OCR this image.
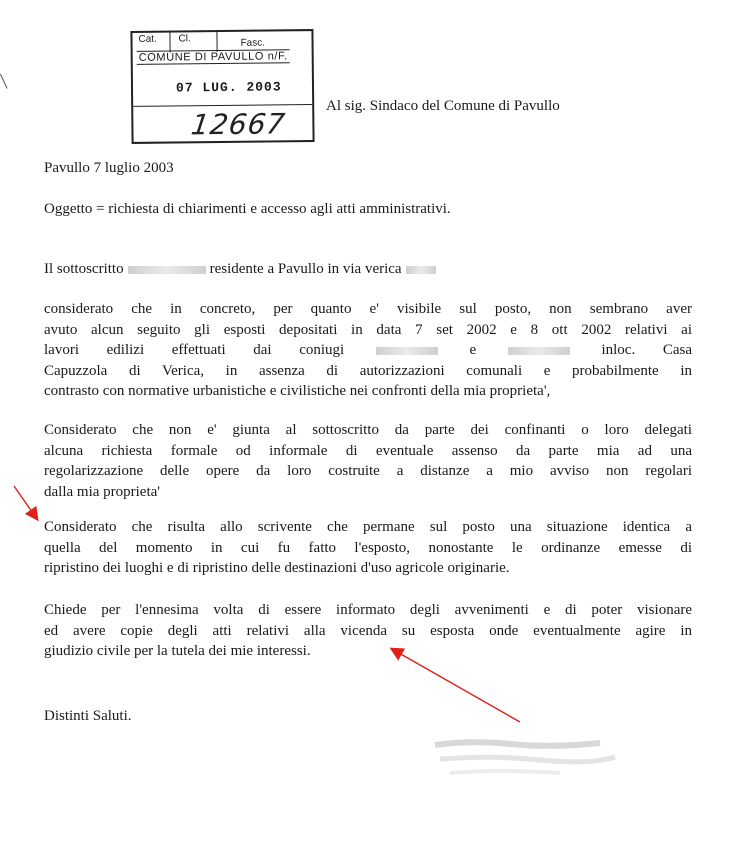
Cat. Cl.	Fasc.
COMUNE DI PAVULLO n/F.
07 LUG. 2003
12667
Al sig. Sindaco del Comune di Pavullo
Pavullo 7 luglio 2003
Oggetto = richiesta di chiarimenti e accesso agli atti amministrativi.
Il sottoscritto	residente a Pavullo in via verica
considerato che in concreto, per quanto e' visibile sul posto, non sembrano aver
avuto alcun seguito gli esposti depositati in data 7 set 2002 e 8 ott 2002 relativi ai
lavori edilizi effettuati dai coniugi	e	inloc. Casa
Capuzzola di Verica, in assenza di autorizzazioni comunali e probabilmente in
contrasto con normative urbanistiche e civilistiche nei confronti della mia proprieta',
Considerato che non e' giunta al sottoscritto da parte dei confinanti o loro delegati
alcuna richiesta formale od informale di eventuale assenso da parte mia ad una
regolarizzazione delle opere da loro costruite a distanze a mio avviso non regolari
dalla mia proprieta'
Considerato che risulta allo scrivente che permane sul posto una situazione identica a
quella del momento in cui fu fatto l'esposto, nonostante le ordinanze emesse di
ripristino dei luoghi e di ripristino delle destinazioni d'uso agricole originarie.
Chiede per l'ennesima volta di essere informato degli avvenimenti e di poter visionare
ed avere copie degli atti relativi alla vicenda su esposta onde eventualmente agire in
giudizio civile per la tutela dei mie interessi.
Distinti Saluti.
